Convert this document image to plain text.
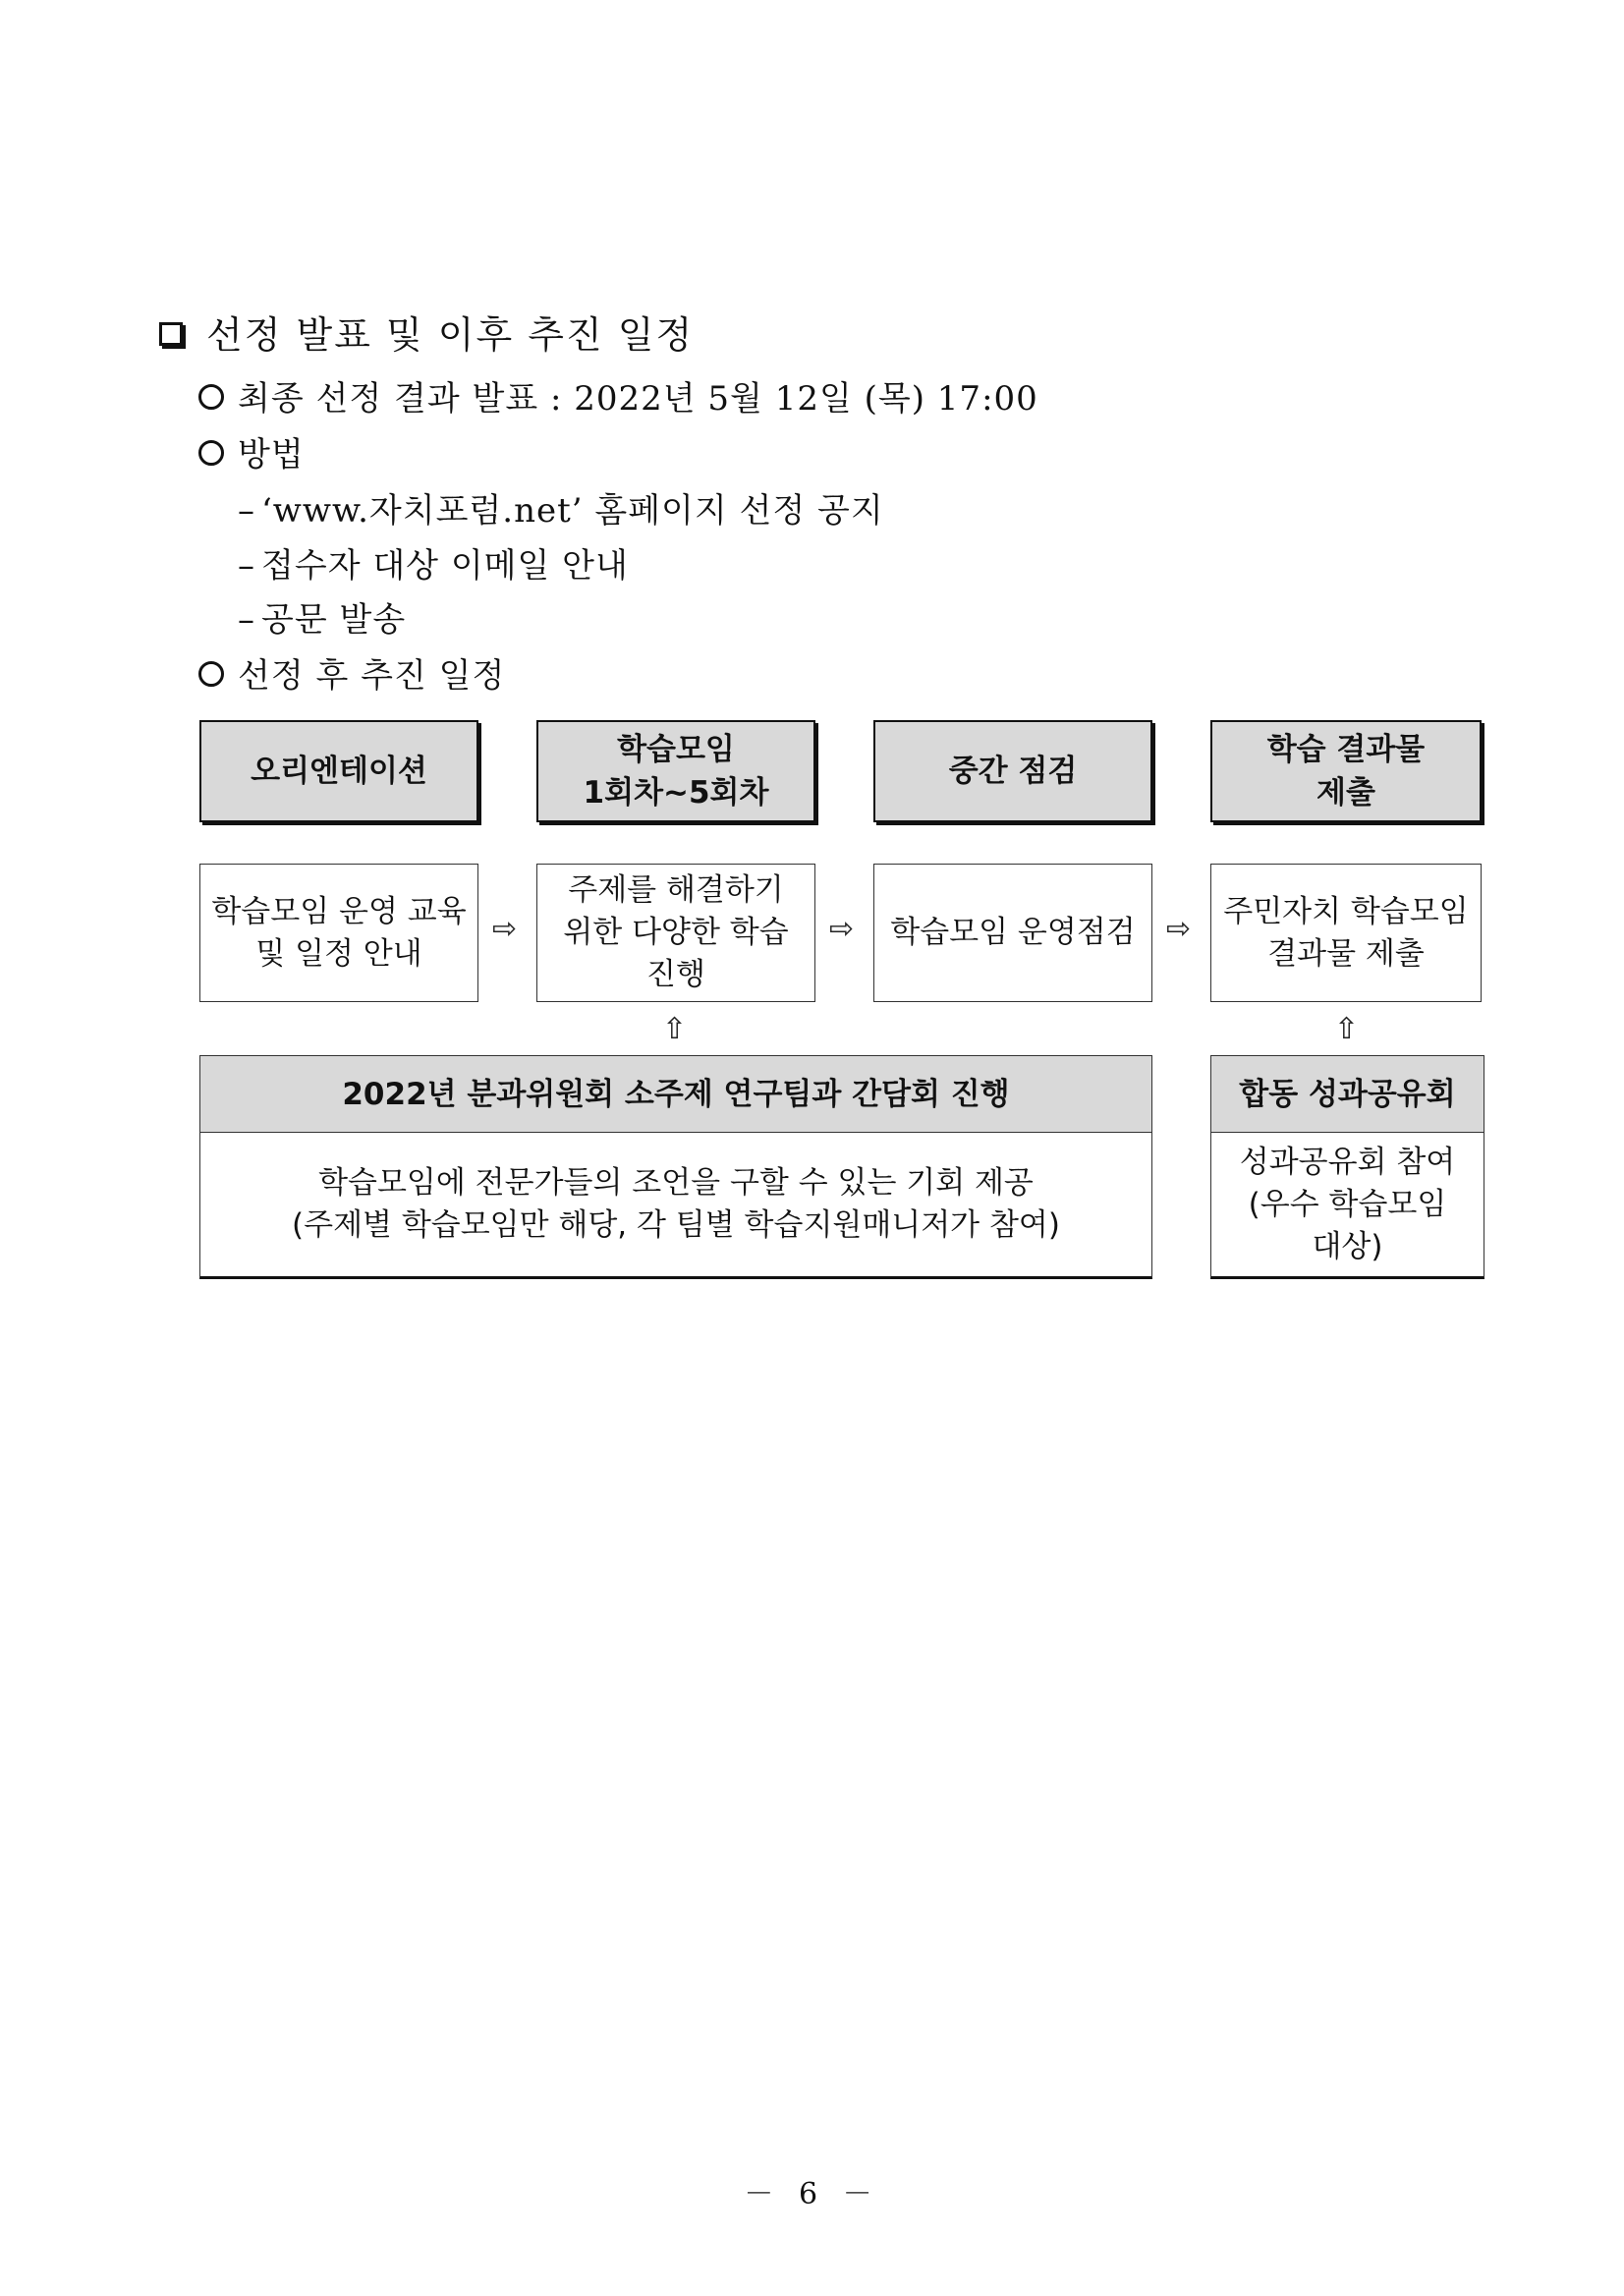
선정 발표 및 이후 추진 일정
최종 선정 결과 발표 : 2022년 5월 12일 (목) 17:00
방법
– ‘www.자치포럼.net’ 홈페이지 선정 공지
– 접수자 대상 이메일 안내
– 공문 발송
선정 후 추진 일정
오리엔테이션
학습모임
1회차~5회차
중간 점검
학습 결과물
제출
학습모임 운영 교육
및 일정 안내
주제를 해결하기
위한 다양한 학습
진행
학습모임 운영점검
주민자치 학습모임
결과물 제출
⇨	⇨	⇨
⇧	⇧
2022년 분과위원회 소주제 연구팀과 간담회 진행
학습모임에 전문가들의 조언을 구할 수 있는 기회 제공
(주제별 학습모임만 해당, 각 팀별 학습지원매니저가 참여)
합동 성과공유회
성과공유회 참여
(우수 학습모임
대상)
－ 6 －
